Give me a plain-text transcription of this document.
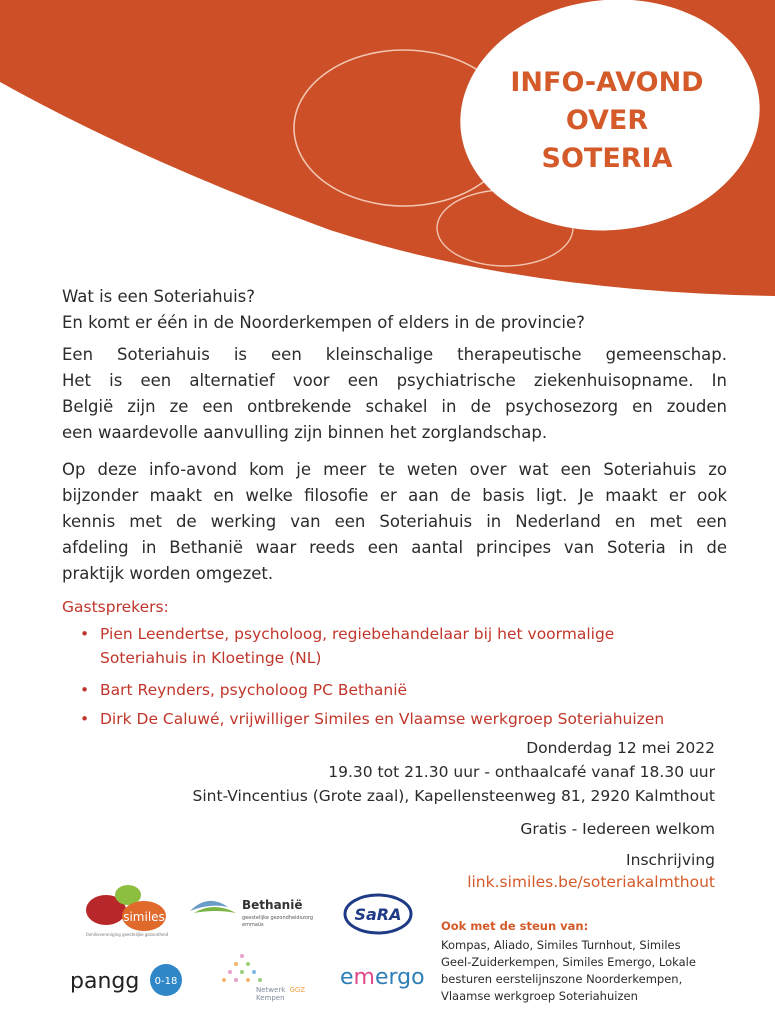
INFO-AVOND
OVER
SOTERIA
Wat is een Soteriahuis?
En komt er één in de Noorderkempen of elders in de provincie?
Een Soteriahuis is een kleinschalige therapeutische gemeenschap.
Het is een alternatief voor een psychiatrische ziekenhuisopname. In
België zijn ze een ontbrekende schakel in de psychosezorg en zouden
een waardevolle aanvulling zijn binnen het zorglandschap.
Op deze info-avond kom je meer te weten over wat een Soteriahuis zo
bijzonder maakt en welke filosofie er aan de basis ligt. Je maakt er ook
kennis met de werking van een Soteriahuis in Nederland en met een
afdeling in Bethanië waar reeds een aantal principes van Soteria in de
praktijk worden omgezet.
Gastsprekers:
• Pien Leendertse, psycholoog, regiebehandelaar bij het voormalige
Soteriahuis in Kloetinge (NL)
• Bart Reynders, psycholoog PC Bethanië
• Dirk De Caluwé, vrijwilliger Similes en Vlaamse werkgroep Soteriahuizen
Donderdag 12 mei 2022
19.30 tot 21.30 uur - onthaalcafé vanaf 18.30 uur
Sint-Vincentius (Grote zaal), Kapellensteenweg 81, 2920 Kalmthout
Gratis - Iedereen welkom
Inschrijving
link.similes.be/soteriakalmthout
Ook met de steun van:
Kompas, Aliado, Similes Turnhout, Similes
Geel-Zuiderkempen, Similes Emergo, Lokale
besturen eerstelijnszone Noorderkempen,
Vlaamse werkgroep Soteriahuizen
similes
familievereniging geestelijke gezondheid
Bethanië
geestelijke gezondheidszorg
emmaüs
SaRA
pangg 0-18
Netwerk GGZ
Kempen
emergo
